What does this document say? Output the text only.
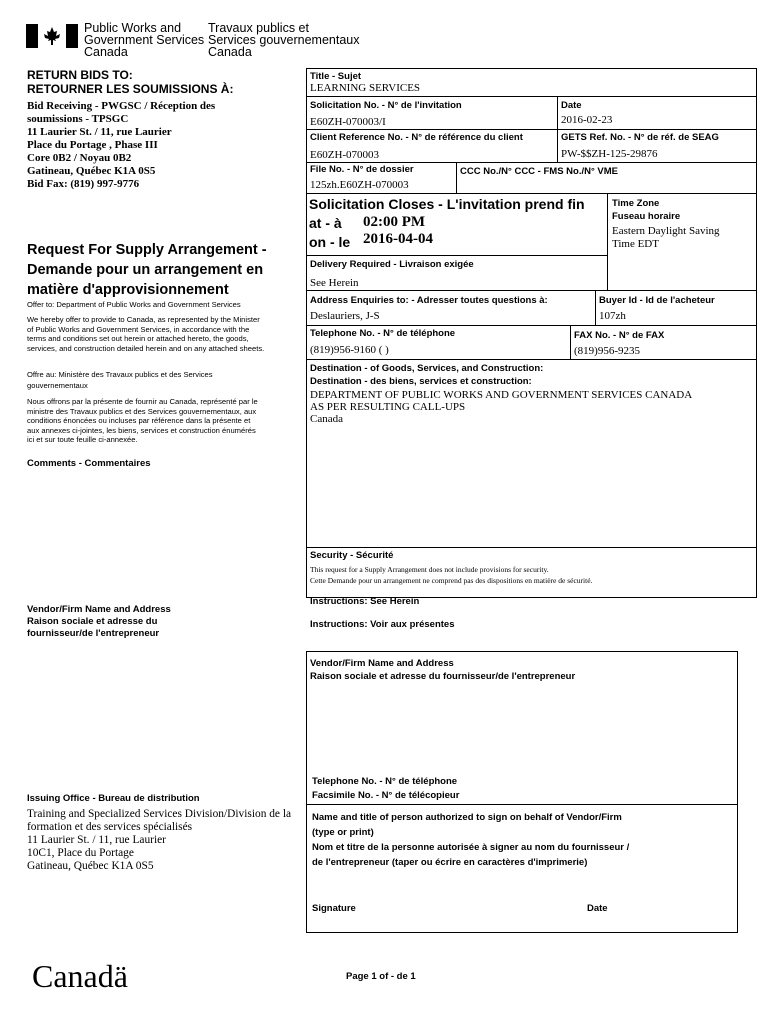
Public Works and
Government Services
Canada
Travaux publics et
Services gouvernementaux
Canada
RETURN BIDS TO:
RETOURNER LES SOUMISSIONS À:
Bid Receiving - PWGSC / Réception des
soumissions - TPSGC
11 Laurier St. / 11, rue Laurier
Place du Portage , Phase III
Core 0B2 / Noyau 0B2
Gatineau, Québec K1A 0S5
Bid Fax: (819) 997-9776
Request For Supply Arrangement -
Demande pour un arrangement en
matière d'approvisionnement
Offer to: Department of Public Works and Government Services
We hereby offer to provide to Canada, as represented by the Minister
of Public Works and Government Services, in accordance with the
terms and conditions set out herein or attached hereto, the goods,
services, and construction detailed herein and on any attached sheets.
Offre au: Ministère des Travaux publics et des Services
gouvernementaux
Nous offrons par la présente de fournir au Canada, représenté par le
ministre des Travaux publics et des Services gouvernementaux, aux
conditions énoncées ou incluses par référence dans la présente et
aux annexes ci-jointes, les biens, services et construction énumérés
ici et sur toute feuille ci-annexée.
Comments - Commentaires
Vendor/Firm Name and Address
Raison sociale et adresse du
fournisseur/de l'entrepreneur
Issuing Office - Bureau de distribution
Training and Specialized Services Division/Division de la
formation et des services spécialisés
11 Laurier St. / 11, rue Laurier
10C1, Place du Portage
Gatineau, Québec K1A 0S5
Title - Sujet
LEARNING SERVICES
Solicitation No. - N° de l'invitation
E60ZH-070003/I
Date
2016-02-23
Client Reference No. - N° de référence du client
E60ZH-070003
GETS Ref. No. - N° de réf. de SEAG
PW-$$ZH-125-29876
File No. - N° de dossier
125zh.E60ZH-070003
CCC No./N° CCC - FMS No./N° VME
Solicitation Closes - L'invitation prend fin
at - à 02:00 PM
on - le 2016-04-04
Time Zone
Fuseau horaire
Eastern Daylight Saving
Time EDT
Delivery Required - Livraison exigée
See Herein
Address Enquiries to: - Adresser toutes questions à:
Deslauriers, J-S
Buyer Id - Id de l'acheteur
107zh
Telephone No. - N° de téléphone
(819)956-9160 ( )
FAX No. - N° de FAX
(819)956-9235
Destination - of Goods, Services, and Construction:
Destination - des biens, services et construction:
DEPARTMENT OF PUBLIC WORKS AND GOVERNMENT SERVICES CANADA
AS PER RESULTING CALL-UPS
Canada
Security - Sécurité
This request for a Supply Arrangement does not include provisions for security.
Cette Demande pour un arrangement ne comprend pas des dispositions en matière de sécurité.
Instructions: See Herein
Instructions: Voir aux présentes
Vendor/Firm Name and Address
Raison sociale et adresse du fournisseur/de l'entrepreneur
Telephone No. - N° de téléphone
Facsimile No. - N° de télécopieur
Name and title of person authorized to sign on behalf of Vendor/Firm
(type or print)
Nom et titre de la personne autorisée à signer au nom du fournisseur /
de l'entrepreneur (taper ou écrire en caractères d'imprimerie)
Signature	Date
Canadä	Page 1 of - de 1
